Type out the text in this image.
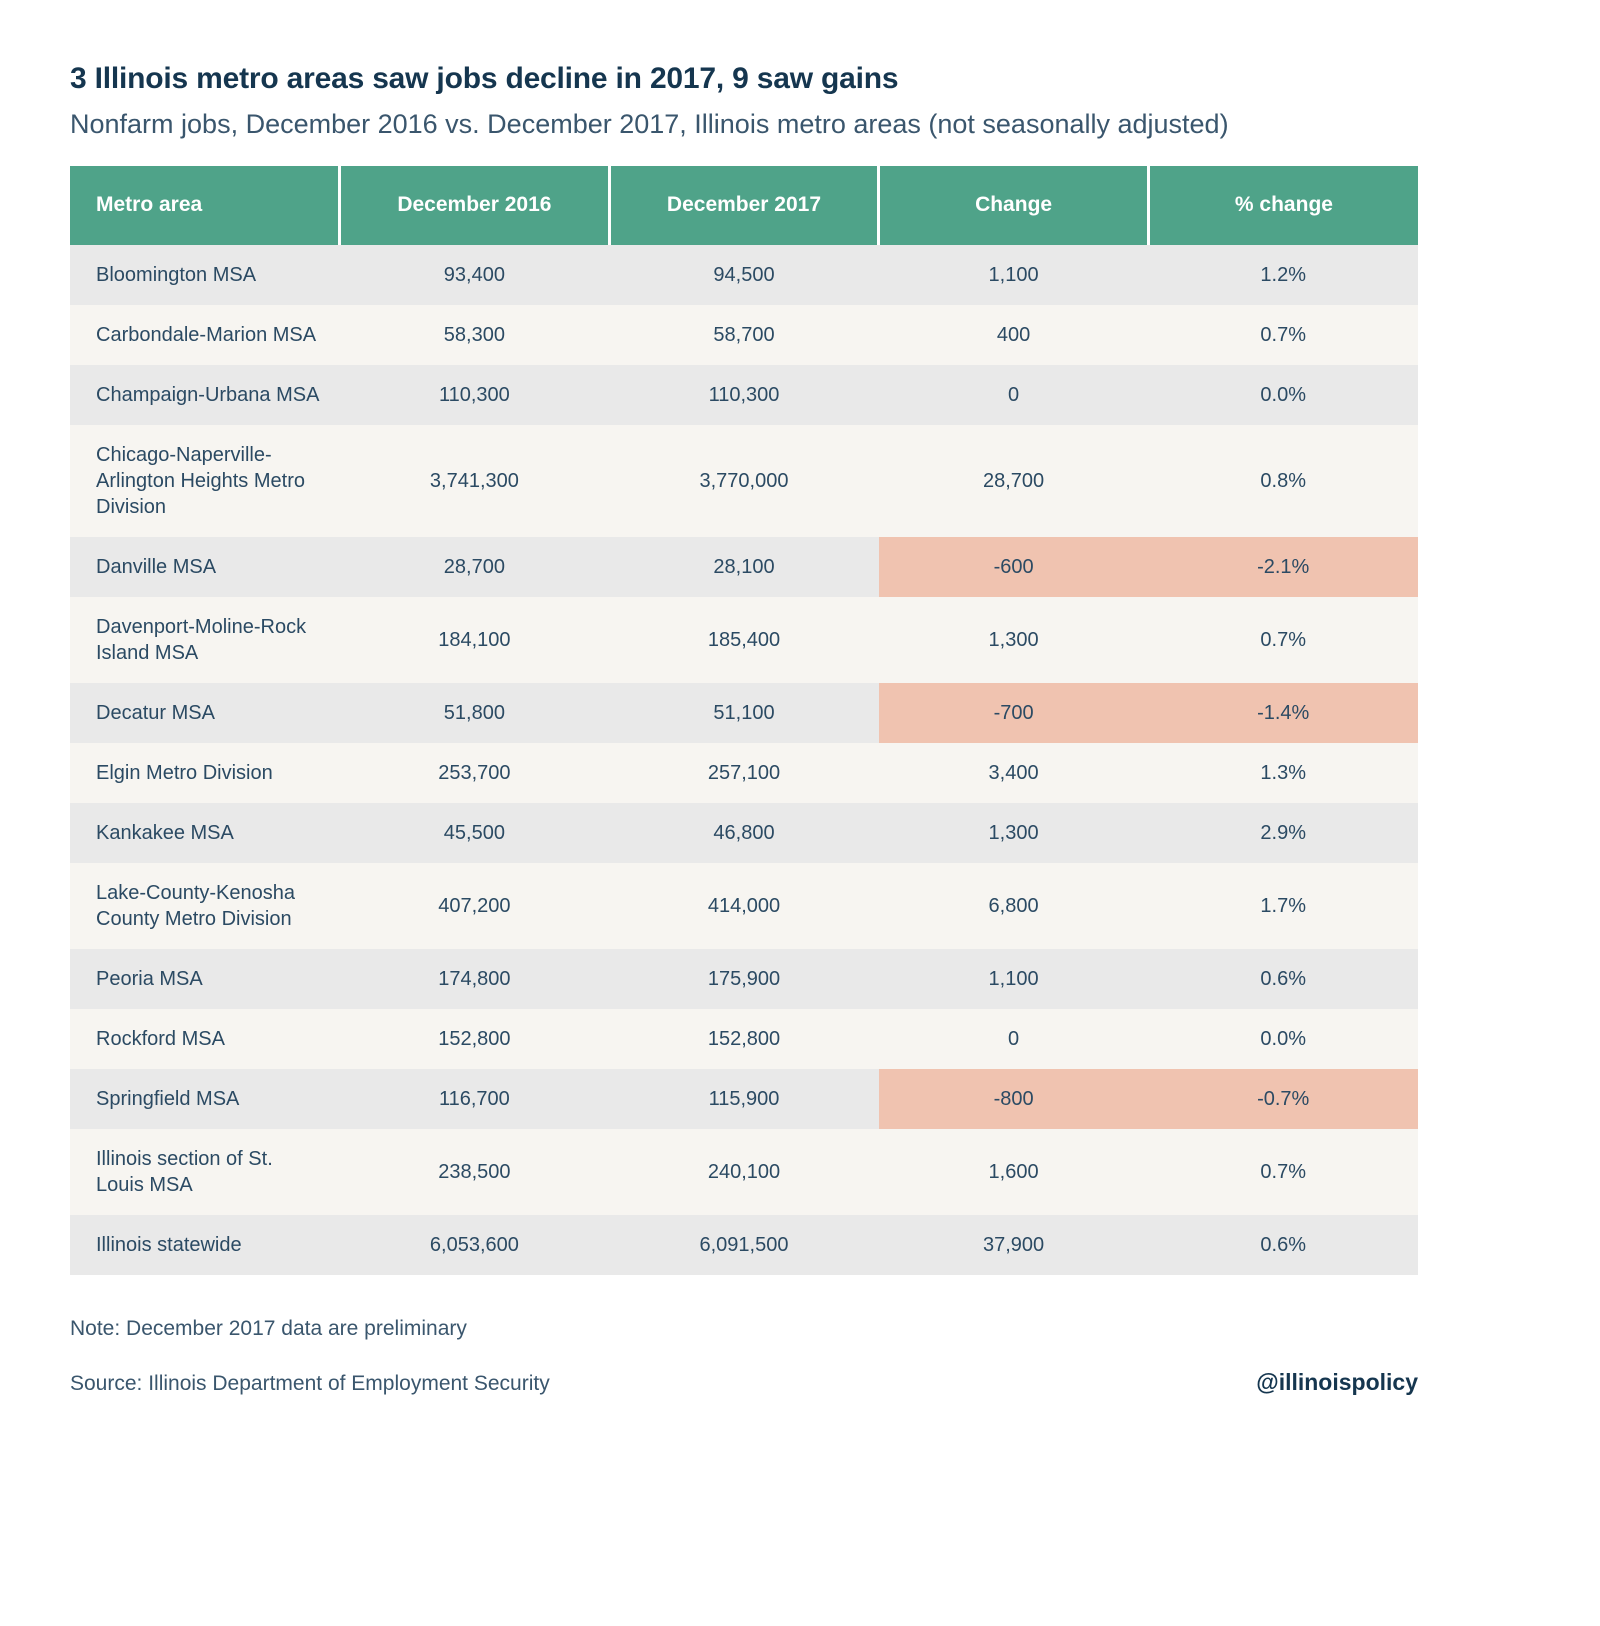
3 Illinois metro areas saw jobs decline in 2017, 9 saw gains
Nonfarm jobs, December 2016 vs. December 2017, Illinois metro areas (not seasonally adjusted)
Metro area	December 2016	December 2017	Change	% change
Bloomington MSA	93,400	94,500	1,100	1.2%
Carbondale-Marion MSA	58,300	58,700	400	0.7%
Champaign-Urbana MSA	110,300	110,300	0	0.0%
Chicago-Naperville-Arlington Heights Metro Division	3,741,300	3,770,000	28,700	0.8%
Danville MSA	28,700	28,100	-600	-2.1%
Davenport-Moline-Rock Island MSA	184,100	185,400	1,300	0.7%
Decatur MSA	51,800	51,100	-700	-1.4%
Elgin Metro Division	253,700	257,100	3,400	1.3%
Kankakee MSA	45,500	46,800	1,300	2.9%
Lake-County-Kenosha County Metro Division	407,200	414,000	6,800	1.7%
Peoria MSA	174,800	175,900	1,100	0.6%
Rockford MSA	152,800	152,800	0	0.0%
Springfield MSA	116,700	115,900	-800	-0.7%
Illinois section of St. Louis MSA	238,500	240,100	1,600	0.7%
Illinois statewide	6,053,600	6,091,500	37,900	0.6%
Note: December 2017 data are preliminary
Source: Illinois Department of Employment Security	@illinoispolicy
